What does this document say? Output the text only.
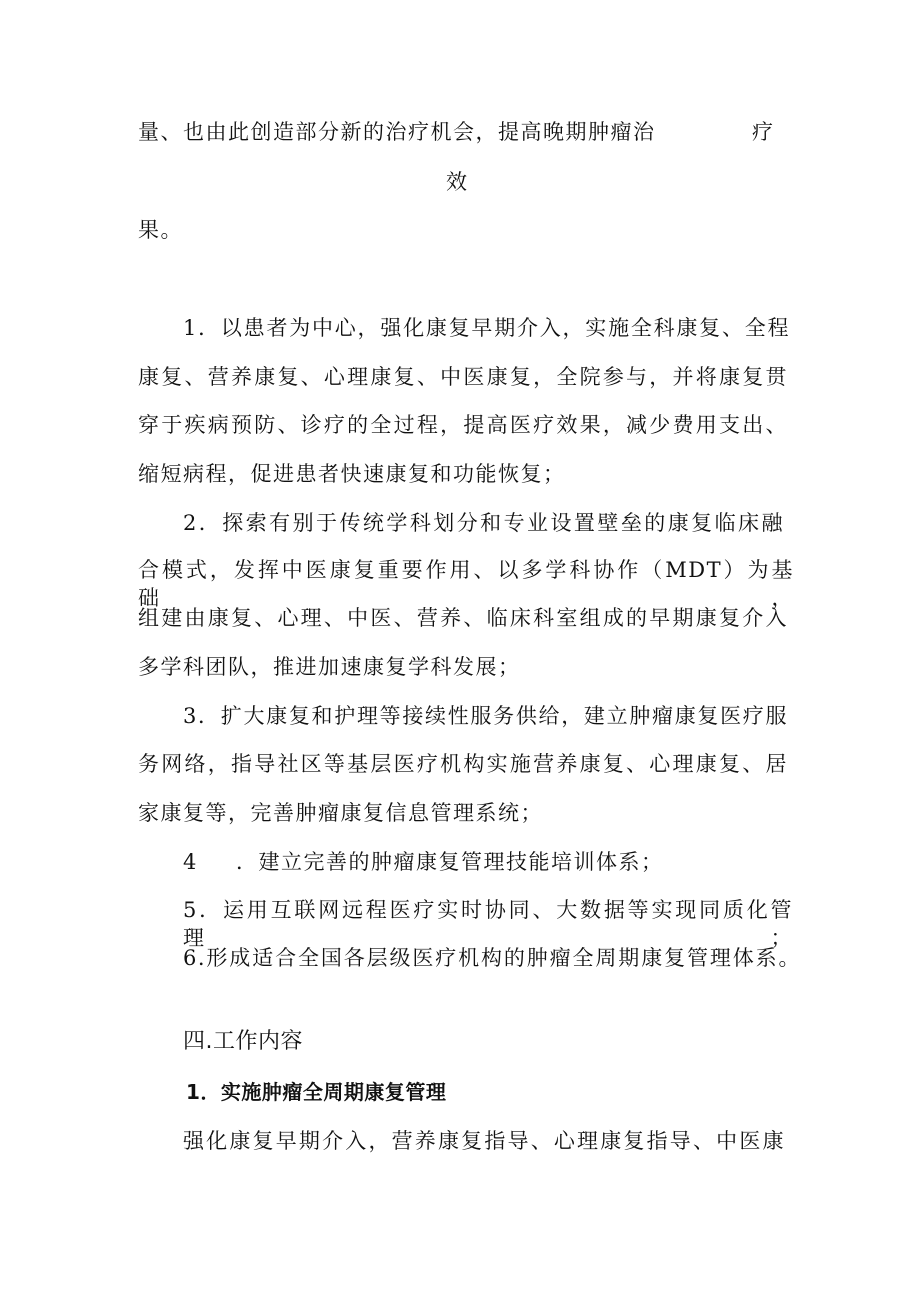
量、也由此创造部分新的治疗机会，提高晚期肿瘤治	疗
效
果。
1．以患者为中心，强化康复早期介入，实施全科康复、全程
康复、营养康复、心理康复、中医康复，全院参与，并将康复贯
穿于疾病预防、诊疗的全过程，提高医疗效果，减少费用支出、
缩短病程，促进患者快速康复和功能恢复；
2．探索有别于传统学科划分和专业设置壁垒的康复临床融
合模式，发挥中医康复重要作用、以多学科协作（MDT）为基础，
组建由康复、心理、中医、营养、临床科室组成的早期康复介入
多学科团队，推进加速康复学科发展；
3．扩大康复和护理等接续性服务供给，建立肿瘤康复医疗服
务网络，指导社区等基层医疗机构实施营养康复、心理康复、居
家康复等，完善肿瘤康复信息管理系统；
4 ．建立完善的肿瘤康复管理技能培训体系；
5．运用互联网远程医疗实时协同、大数据等实现同质化管理；
6.形成适合全国各层级医疗机构的肿瘤全周期康复管理体系。
四.工作内容
1．实施肿瘤全周期康复管理
强化康复早期介入，营养康复指导、心理康复指导、中医康
